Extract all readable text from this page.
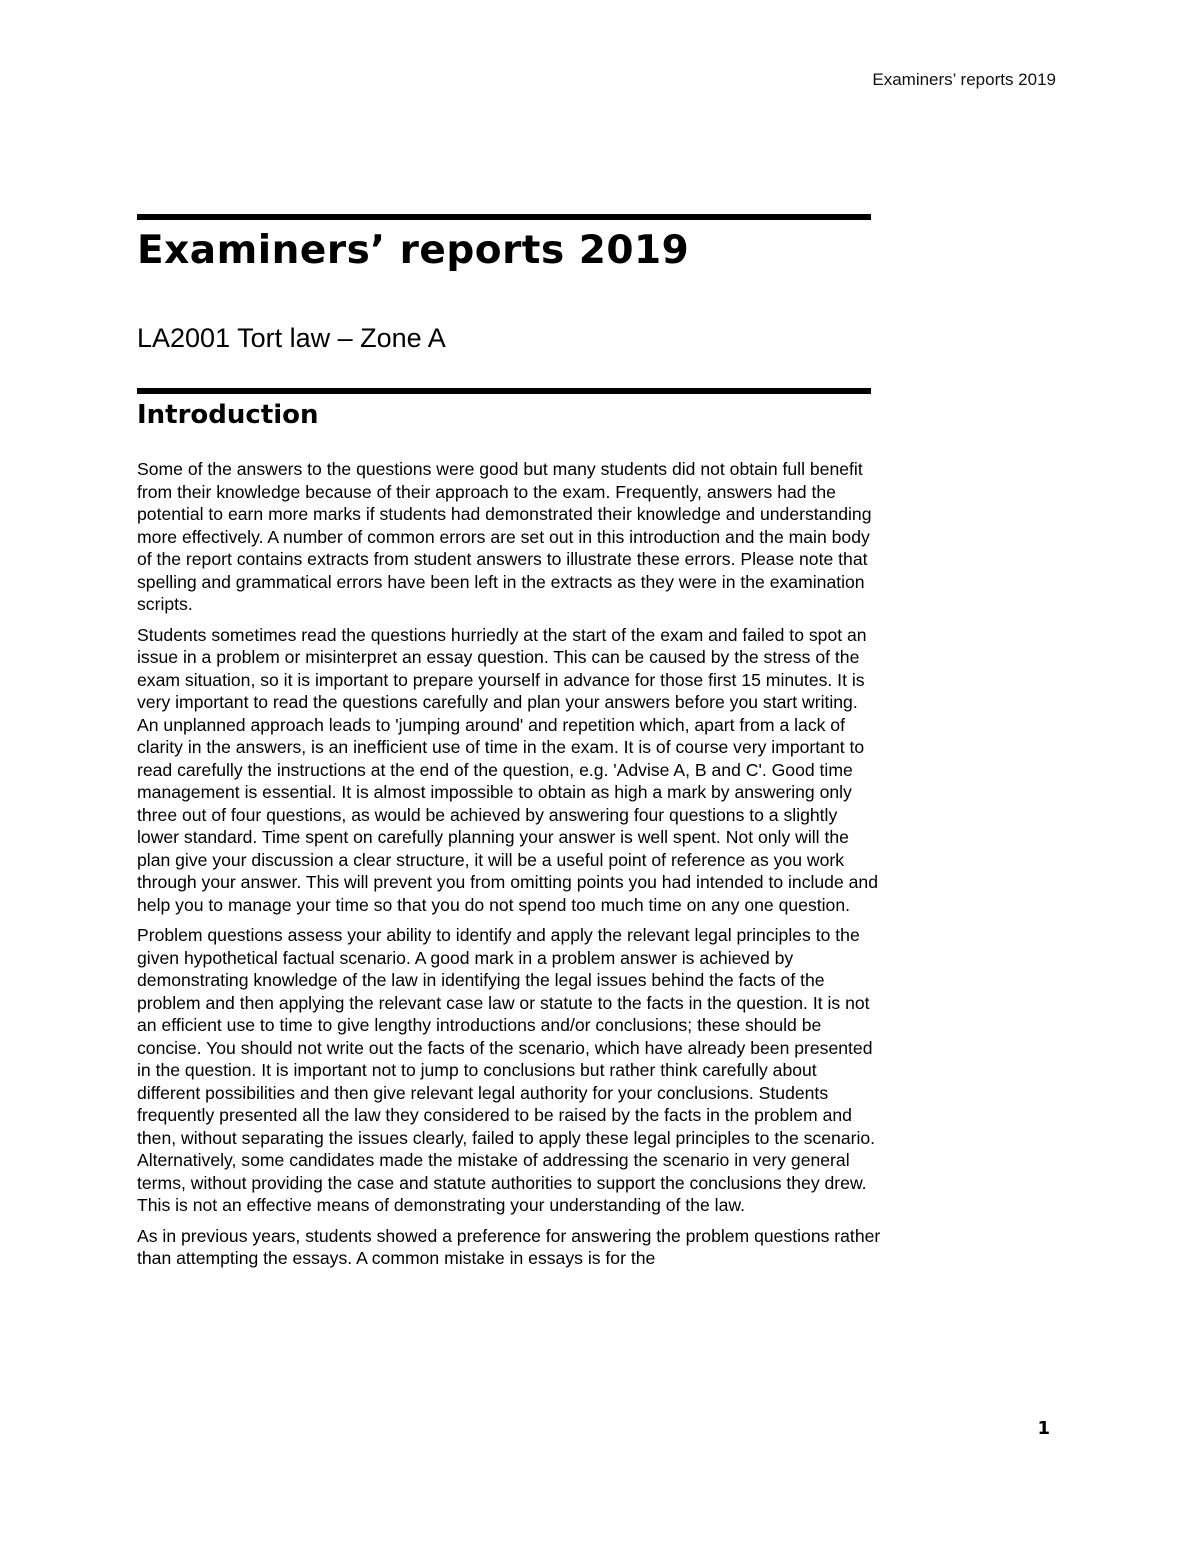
Examiners’ reports 2019
Examiners’ reports 2019
LA2001 Tort law – Zone A
Introduction

Some of the answers to the questions were good but many students did not obtain full benefit from their knowledge because of their approach to the exam. Frequently, answers had the potential to earn more marks if students had demonstrated their knowledge and understanding more effectively. A number of common errors are set out in this introduction and the main body of the report contains extracts from student answers to illustrate these errors. Please note that spelling and grammatical errors have been left in the extracts as they were in the examination scripts.

Students sometimes read the questions hurriedly at the start of the exam and failed to spot an issue in a problem or misinterpret an essay question. This can be caused by the stress of the exam situation, so it is important to prepare yourself in advance for those first 15 minutes. It is very important to read the questions carefully and plan your answers before you start writing. An unplanned approach leads to 'jumping around' and repetition which, apart from a lack of clarity in the answers, is an inefficient use of time in the exam. It is of course very important to read carefully the instructions at the end of the question, e.g. 'Advise A, B and C'. Good time management is essential. It is almost impossible to obtain as high a mark by answering only three out of four questions, as would be achieved by answering four questions to a slightly lower standard. Time spent on carefully planning your answer is well spent. Not only will the plan give your discussion a clear structure, it will be a useful point of reference as you work through your answer. This will prevent you from omitting points you had intended to include and help you to manage your time so that you do not spend too much time on any one question.

Problem questions assess your ability to identify and apply the relevant legal principles to the given hypothetical factual scenario. A good mark in a problem answer is achieved by demonstrating knowledge of the law in identifying the legal issues behind the facts of the problem and then applying the relevant case law or statute to the facts in the question. It is not an efficient use to time to give lengthy introductions and/or conclusions; these should be concise. You should not write out the facts of the scenario, which have already been presented in the question. It is important not to jump to conclusions but rather think carefully about different possibilities and then give relevant legal authority for your conclusions. Students frequently presented all the law they considered to be raised by the facts in the problem and then, without separating the issues clearly, failed to apply these legal principles to the scenario. Alternatively, some candidates made the mistake of addressing the scenario in very general terms, without providing the case and statute authorities to support the conclusions they drew. This is not an effective means of demonstrating your understanding of the law.

As in previous years, students showed a preference for answering the problem questions rather than attempting the essays. A common mistake in essays is for the

1
